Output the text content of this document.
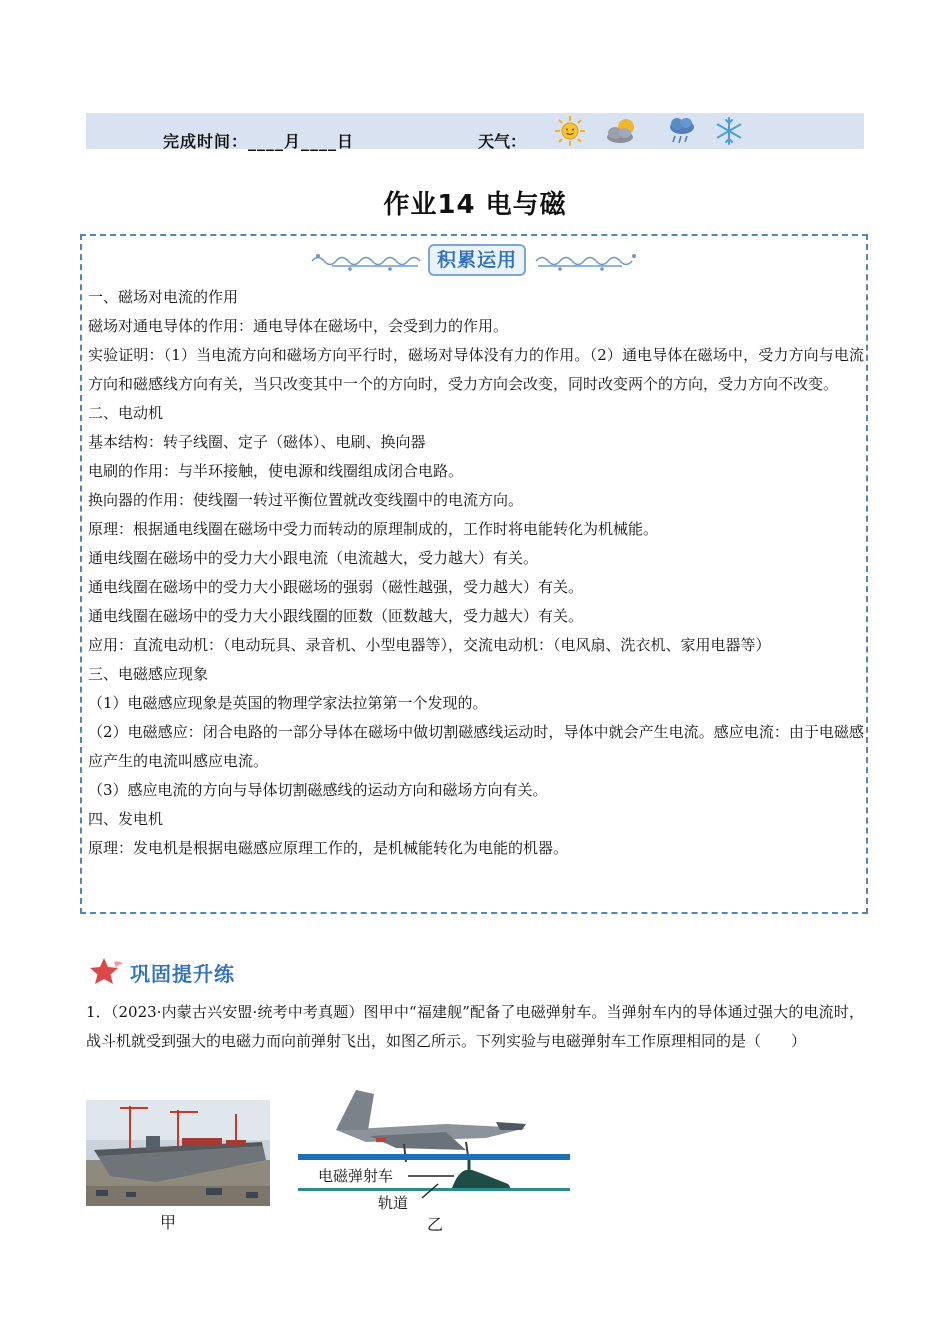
完成时间：____月____日	天气：
作业14 电与磁
积累运用

一、磁场对电流的作用

磁场对通电导体的作用：通电导体在磁场中，会受到力的作用。

实验证明：（1）当电流方向和磁场方向平行时，磁场对导体没有力的作用。（2）通电导体在磁场中，受力方向与电流方向和磁感线方向有关，当只改变其中一个的方向时，受力方向会改变，同时改变两个的方向，受力方向不改变。

二、电动机

基本结构：转子线圈、定子（磁体）、电刷、换向器

电刷的作用：与半环接触，使电源和线圈组成闭合电路。

换向器的作用：使线圈一转过平衡位置就改变线圈中的电流方向。

原理：根据通电线圈在磁场中受力而转动的原理制成的，工作时将电能转化为机械能。

通电线圈在磁场中的受力大小跟电流（电流越大，受力越大）有关。

通电线圈在磁场中的受力大小跟磁场的强弱（磁性越强，受力越大）有关。

通电线圈在磁场中的受力大小跟线圈的匝数（匝数越大，受力越大）有关。

应用：直流电动机：（电动玩具、录音机、小型电器等），交流电动机：（电风扇、洗衣机、家用电器等）

三、电磁感应现象

（1）电磁感应现象是英国的物理学家法拉第第一个发现的。

（2）电磁感应：闭合电路的一部分导体在磁场中做切割磁感线运动时，导体中就会产生电流。感应电流：由于电磁感应产生的电流叫感应电流。

（3）感应电流的方向与导体切割磁感线的运动方向和磁场方向有关。

四、发电机

原理：发电机是根据电磁感应原理工作的，是机械能转化为电能的机器。

巩固提升练
1．（2023·内蒙古兴安盟·统考中考真题）图甲中“福建舰”配备了电磁弹射车。当弹射车内的导体通过强大的电流时，战斗机就受到强大的电磁力而向前弹射飞出，如图乙所示。下列实验与电磁弹射车工作原理相同的是（　　）
甲
电磁弹射车
轨道
乙
